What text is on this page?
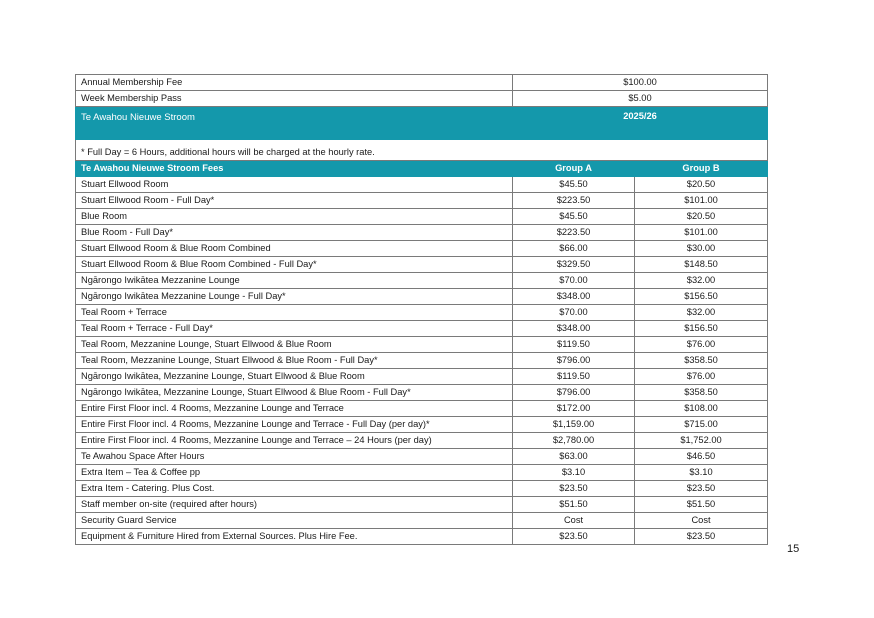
Annual Membership Fee	$100.00	
Week Membership Pass	$5.00	
Te Awahou Nieuwe Stroom	2025/26	

* Full Day = 6 Hours, additional hours will be charged at the hourly rate.		
Te Awahou Nieuwe Stroom Fees	Group A	Group B
Stuart Ellwood Room	$45.50	$20.50
Stuart Ellwood Room - Full Day*	$223.50	$101.00
Blue Room	$45.50	$20.50
Blue Room - Full Day*	$223.50	$101.00
Stuart Ellwood Room & Blue Room Combined	$66.00	$30.00
Stuart Ellwood Room & Blue Room Combined - Full Day*	$329.50	$148.50
Ngārongo Iwikātea Mezzanine Lounge	$70.00	$32.00
Ngārongo Iwikātea Mezzanine Lounge - Full Day*	$348.00	$156.50
Teal Room + Terrace	$70.00	$32.00
Teal Room + Terrace - Full Day*	$348.00	$156.50
Teal Room, Mezzanine Lounge, Stuart Ellwood & Blue Room	$119.50	$76.00
Teal Room, Mezzanine Lounge, Stuart Ellwood & Blue Room - Full Day*	$796.00	$358.50
Ngārongo Iwikātea, Mezzanine Lounge, Stuart Ellwood & Blue Room	$119.50	$76.00
Ngārongo Iwikātea, Mezzanine Lounge, Stuart Ellwood & Blue Room - Full Day*	$796.00	$358.50
Entire First Floor incl. 4 Rooms, Mezzanine Lounge and Terrace	$172.00	$108.00
Entire First Floor incl. 4 Rooms, Mezzanine Lounge and Terrace - Full Day (per day)*	$1,159.00	$715.00
Entire First Floor incl. 4 Rooms, Mezzanine Lounge and Terrace – 24 Hours (per day)	$2,780.00	$1,752.00
Te Awahou Space After Hours	$63.00	$46.50
Extra Item – Tea & Coffee pp	$3.10	$3.10
Extra Item - Catering. Plus Cost.	$23.50	$23.50
Staff member on-site (required after hours)	$51.50	$51.50
Security Guard Service	Cost	Cost
Equipment & Furniture Hired from External Sources. Plus Hire Fee.	$23.50	$23.50
15
